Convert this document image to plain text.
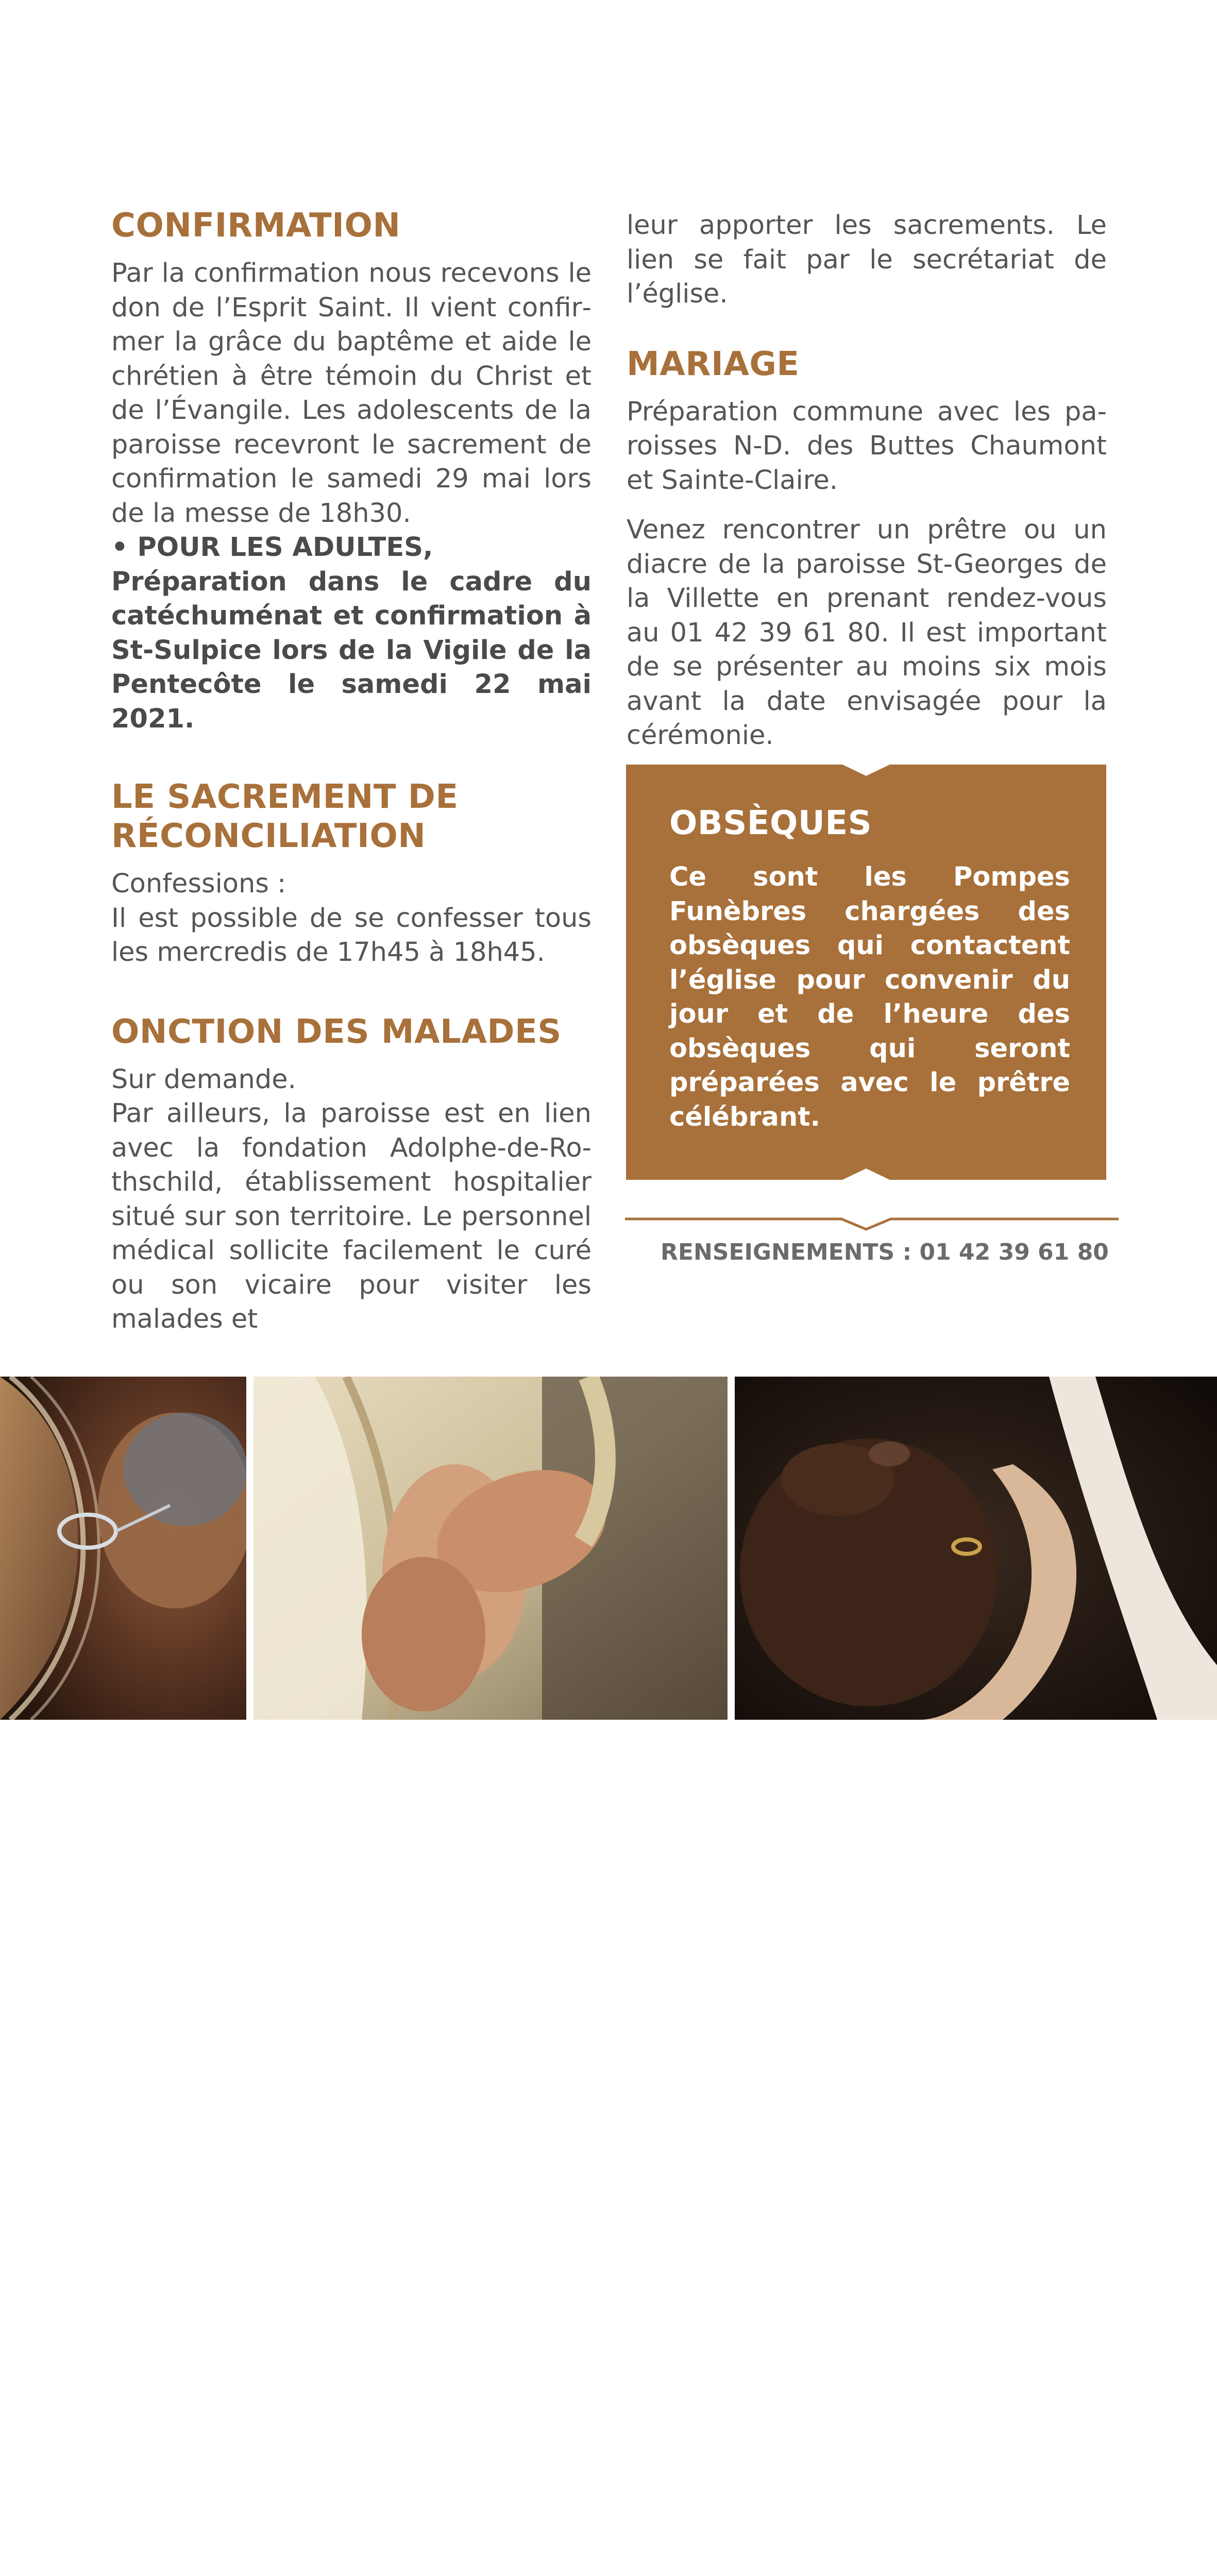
CONFIRMATION

Par la confirmation nous recevons le don de l’Esprit Saint. Il vient confirmer la grâce du baptême et aide le chrétien à être témoin du Christ et de l’Évangile. Les adolescents de la paroisse recevront le sacrement de confirmation le samedi 29 mai lors de la messe de 18h30.

• POUR LES ADULTES,

Préparation dans le cadre du catéchuménat et confirmation à St-Sulpice lors de la Vigile de la Pentecôte le samedi 22 mai 2021.

LE SACREMENT DE RÉCONCILIATION

Confessions :

Il est possible de se confesser tous les mercredis de 17h45 à 18h45.

ONCTION DES MALADES

Sur demande.

Par ailleurs, la paroisse est en lien avec la fondation Adolphe-de-Rothschild, établissement hospitalier situé sur son territoire. Le personnel médical sollicite facilement le curé ou son vicaire pour visiter les malades et

leur apporter les sacrements. Le lien se fait par le secrétariat de l’église.

MARIAGE

Préparation commune avec les paroisses N-D. des Buttes Chaumont et Sainte-Claire.

Venez rencontrer un prêtre ou un diacre de la paroisse St-Georges de la Villette en prenant rendez-vous au 01 42 39 61 80. Il est important de se présenter au moins six mois avant la date envisagée pour la cérémonie.

OBSÈQUES

Ce sont les Pompes Funèbres chargées des obsèques qui contactent l’église pour convenir du jour et de l’heure des obsèques qui seront préparées avec le prêtre célébrant.

RENSEIGNEMENTS : 01 42 39 61 80
